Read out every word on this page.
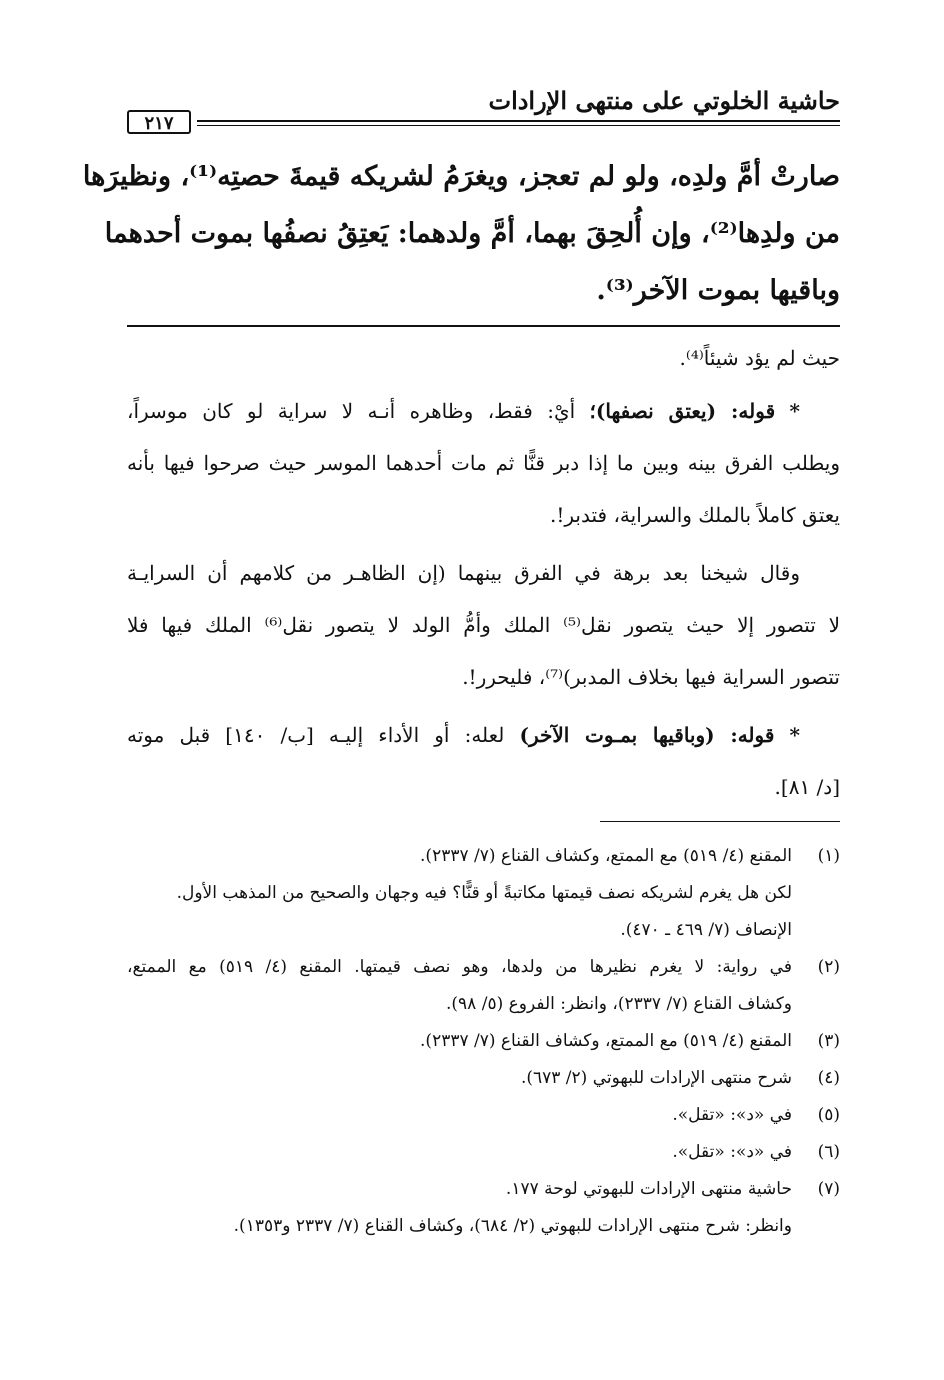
حاشية الخلوتي على منتهى الإرادات
٢١٧
صارتْ أمَّ ولدِه، ولو لم تعجز، ويغرَمُ لشريكه قيمةَ حصتِه⁽¹⁾، ونظيرَها
من ولدِها⁽²⁾، وإن أُلحِقَ بهما، أمَّ ولدهما: يَعتِقُ نصفُها بموت أحدهما
وباقيها بموت الآخر⁽³⁾.
حيث لم يؤد شيئاً⁽⁴⁾.
* قوله: (يعتق نصفها)؛ أيْ: فقط، وظاهره أنـه لا سراية لو كان موسراً،
ويطلب الفرق بينه وبين ما إذا دبر قنًّا ثم مات أحدهما الموسر حيث صرحوا فيها بأنه
يعتق كاملاً بالملك والسراية، فتدبر!.
وقال شيخنا بعد برهة في الفرق بينهما (إن الظاهـر من كلامهم أن السرايـة
لا تتصور إلا حيث يتصور نقل⁽⁵⁾ الملك وأمُّ الولد لا يتصور نقل⁽⁶⁾ الملك فيها فلا
تتصور السراية فيها بخلاف المدبر)⁽⁷⁾، فليحرر!.
* قوله: (وباقيها بمـوت الآخر) لعله: أو الأداء إليـه [ب/ ١٤٠] قبل موته
[د/ ٨١].
(١)
المقنع (٤/ ٥١٩) مع الممتع، وكشاف القناع (٧/ ٢٣٣٧).
لكن هل يغرم لشريكه نصف قيمتها مكاتبةً أو قنًّا؟ فيه وجهان والصحيح من المذهب الأول.
الإنصاف (٧/ ٤٦٩ ـ ٤٧٠).
(٢)
في رواية: لا يغرم نظيرها من ولدها، وهو نصف قيمتها. المقنع (٤/ ٥١٩) مع الممتع،
وكشاف القناع (٧/ ٢٣٣٧)، وانظر: الفروع (٥/ ٩٨).
(٣)
المقنع (٤/ ٥١٩) مع الممتع، وكشاف القناع (٧/ ٢٣٣٧).
(٤)
شرح منتهى الإرادات للبهوتي (٢/ ٦٧٣).
(٥)
في «د»: «تقل».
(٦)
في «د»: «تقل».
(٧)
حاشية منتهى الإرادات للبهوتي لوحة ١٧٧.
وانظر: شرح منتهى الإرادات للبهوتي (٢/ ٦٨٤)، وكشاف القناع (٧/ ٢٣٣٧ و١٣٥٣).
